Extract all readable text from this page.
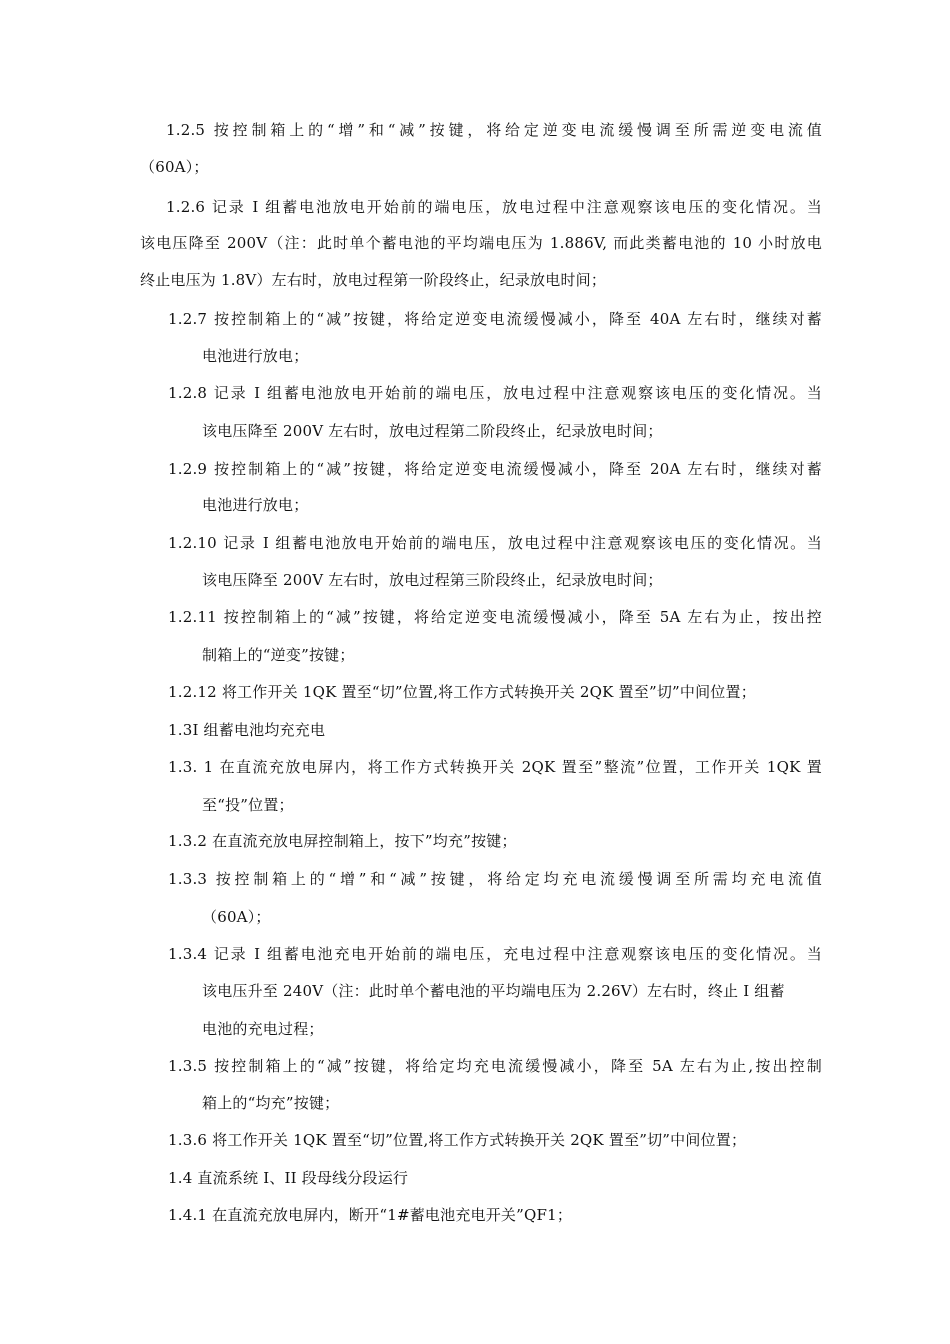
1.2.5 按控制箱上的“增”和“减”按键，将给定逆变电流缓慢调至所需逆变电流值
（60A）；
1.2.6 记录 I 组蓄电池放电开始前的端电压，放电过程中注意观察该电压的变化情况。当
该电压降至 200V（注：此时单个蓄电池的平均端电压为 1.886V, 而此类蓄电池的 10 小时放电
终止电压为 1.8V）左右时，放电过程第一阶段终止，纪录放电时间；
1.2.7 按控制箱上的“减”按键，将给定逆变电流缓慢减小，降至 40A 左右时，继续对蓄
电池进行放电；
1.2.8 记录 I 组蓄电池放电开始前的端电压，放电过程中注意观察该电压的变化情况。当
该电压降至 200V 左右时，放电过程第二阶段终止，纪录放电时间；
1.2.9 按控制箱上的“减”按键，将给定逆变电流缓慢减小，降至 20A 左右时，继续对蓄
电池进行放电；
1.2.10 记录 I 组蓄电池放电开始前的端电压，放电过程中注意观察该电压的变化情况。当
该电压降至 200V 左右时，放电过程第三阶段终止，纪录放电时间；
1.2.11 按控制箱上的“减”按键，将给定逆变电流缓慢减小，降至 5A 左右为止，按出控
制箱上的“逆变”按键；
1.2.12 将工作开关 1QK 置至“切”位置,将工作方式转换开关 2QK 置至”切”中间位置；
1.3I 组蓄电池均充充电
1.3. 1 在直流充放电屏内，将工作方式转换开关 2QK 置至”整流”位置，工作开关 1QK 置
至“投”位置；
1.3.2 在直流充放电屏控制箱上，按下”均充”按键；
1.3.3 按控制箱上的“增”和“减”按键，将给定均充电流缓慢调至所需均充电流值
（60A）；
1.3.4 记录 I 组蓄电池充电开始前的端电压，充电过程中注意观察该电压的变化情况。当
该电压升至 240V（注：此时单个蓄电池的平均端电压为 2.26V）左右时，终止 I 组蓄
电池的充电过程；
1.3.5 按控制箱上的“减”按键，将给定均充电流缓慢减小，降至 5A 左右为止,按出控制
箱上的“均充”按键；
1.3.6 将工作开关 1QK 置至“切”位置,将工作方式转换开关 2QK 置至”切”中间位置；
1.4 直流系统 I、II 段母线分段运行
1.4.1 在直流充放电屏内，断开“1#蓄电池充电开关”QF1；
